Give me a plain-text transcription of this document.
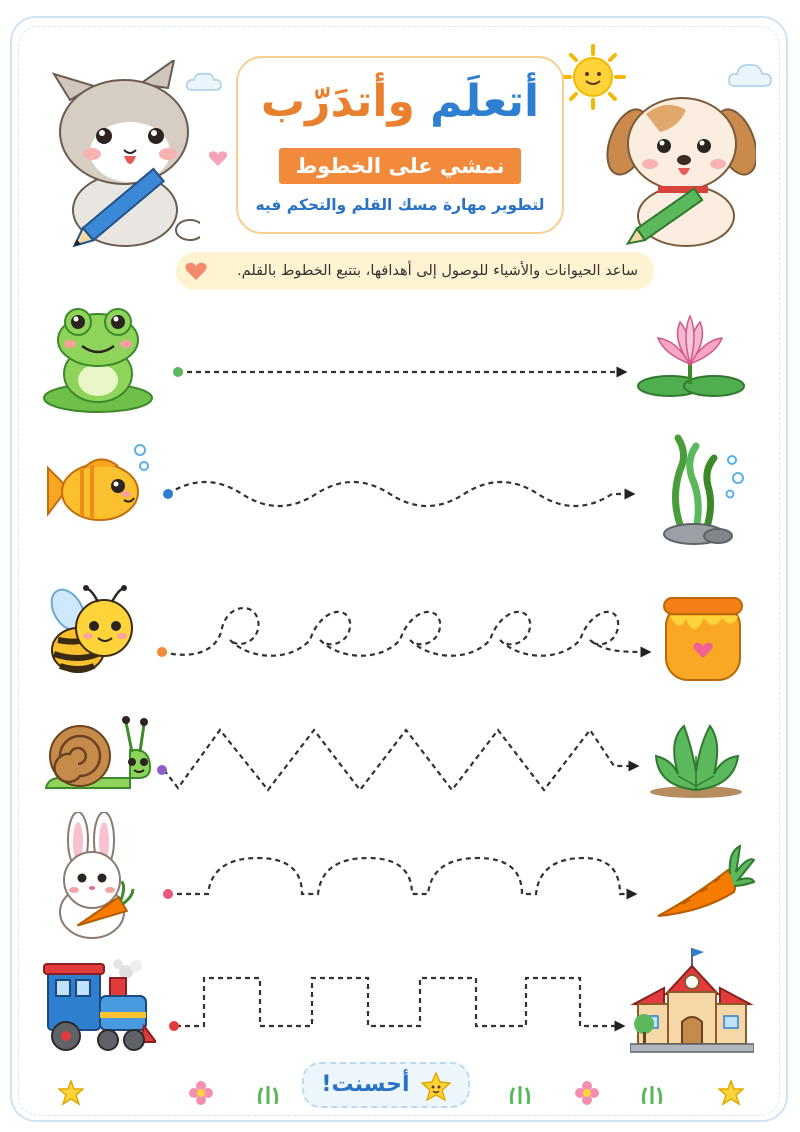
أتعلَم وأتدَرّب
نمشي على الخطوط
لتطوير مهارة مسك القلم والتحكم فيه
ساعد الحيوانات والأشياء للوصول إلى أهدافها، بتتبع الخطوط بالقلم.
أحسنت!
